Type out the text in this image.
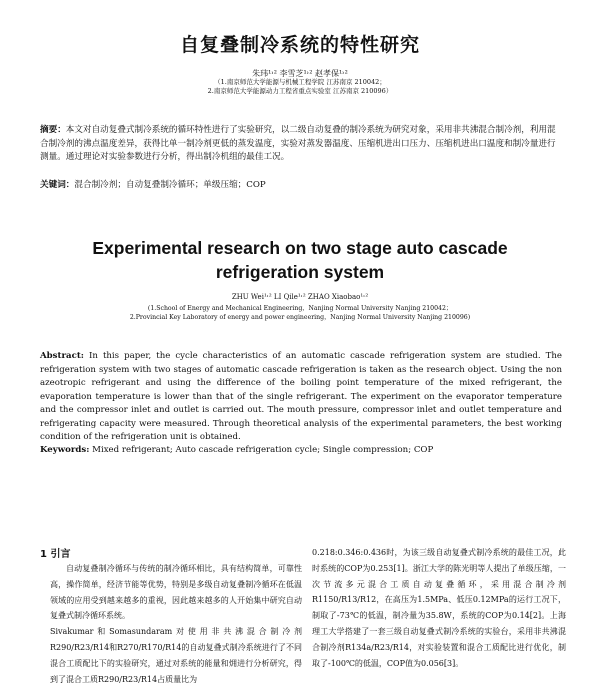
自复叠制冷系统的特性研究
朱玮¹˒² 李雪芝¹˒² 赵孝保¹˒²
（1.南京师范大学能源与机械工程学院 江苏南京 210042；
2.南京师范大学能源动力工程省重点实验室 江苏南京 210096）
摘要：本文对自动复叠式制冷系统的循环特性进行了实验研究，以二级自动复叠的制冷系统为研究对象，采用非共沸混合制冷剂，利用混合制冷剂的沸点温度差异，获得比单一制冷剂更低的蒸发温度，实验对蒸发器温度、压缩机进出口压力、压缩机进出口温度和制冷量进行测量。通过理论对实验参数进行分析，得出制冷机组的最佳工况。
关键词：混合制冷剂；自动复叠制冷循环；单级压缩；COP
Experimental research on two stage auto cascade refrigeration system
ZHU Wei¹˒² LI Qile¹˒² ZHAO Xiaobao¹˒²
(1.School of Energy and Mechanical Engineering，Nanjing Normal University Nanjing 210042；
2.Provincial Key Laboratory of energy and power engineering，Nanjing Normal University Nanjing 210096)
Abstract: In this paper, the cycle characteristics of an automatic cascade refrigeration system are studied. The refrigeration system with two stages of automatic cascade refrigeration is taken as the research object. Using the non azeotropic refrigerant and using the difference of the boiling point temperature of the mixed refrigerant, the evaporation temperature is lower than that of the single refrigerant. The experiment on the evaporator temperature and the compressor inlet and outlet is carried out. The mouth pressure, compressor inlet and outlet temperature and refrigerating capacity were measured. Through theoretical analysis of the experimental parameters, the best working condition of the refrigeration unit is obtained.
Keywords: Mixed refrigerant; Auto cascade refrigeration cycle; Single compression; COP
1 引言

自动复叠制冷循环与传统的制冷循环相比，具有结构简单，可靠性高，操作简单，经济节能等优势，特别是多级自动复叠制冷循环在低温领域的应用受到越来越多的重视，因此越来越多的人开始集中研究自动复叠式制冷循环系统。

Sivakumar和Somasundaram对使用非共沸混合制冷剂R290/R23/R14和R270/R170/R14的自动复叠式制冷系统进行了不同混合工质配比下的实验研究，通过对系统的能量和㶲进行分析研究，得到了混合工质R290/R23/R14占质量比为

0.218:0.346:0.436时，为该三级自动复叠式制冷系统的最佳工况，此时系统的COP为0.253[1]。浙江大学的陈光明等人提出了单级压缩，一次节流多元混合工质自动复叠循环，采用混合制冷剂R1150/R13/R12，在高压为1.5MPa、低压0.12MPa的运行工况下，制取了-73℃的低温，制冷量为35.8W，系统的COP为0.14[2]。上海理工大学搭建了一套三级自动复叠式制冷系统的实验台，采用非共沸混合制冷剂R134a/R23/R14，对实验装置和混合工质配比进行优化，制取了-100℃的低温，COP值为0.056[3]。
